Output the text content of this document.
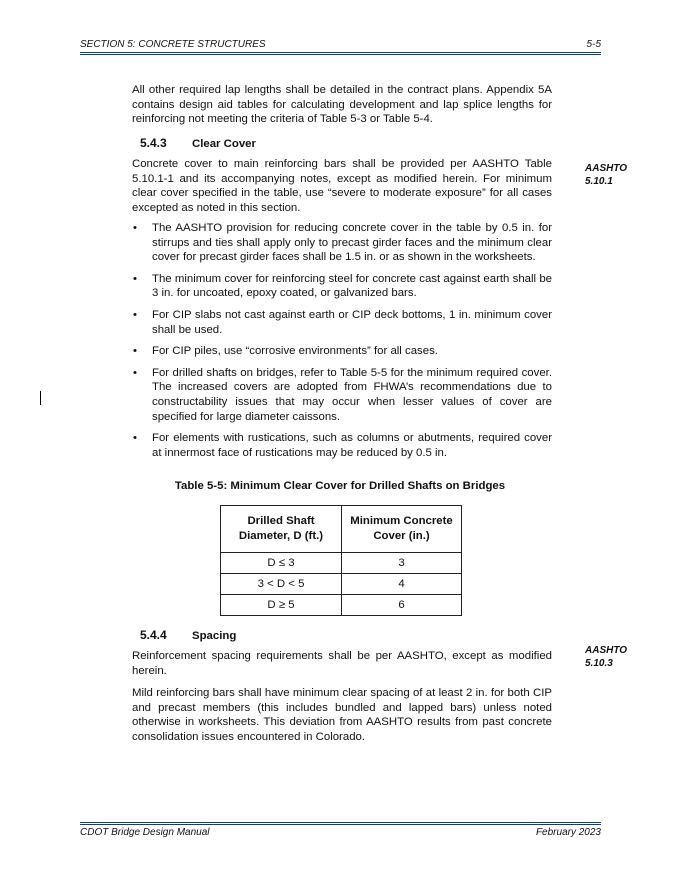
SECTION 5: CONCRETE STRUCTURES	5-5

All other required lap lengths shall be detailed in the contract plans. Appendix 5A contains design aid tables for calculating development and lap splice lengths for reinforcing not meeting the criteria of Table 5-3 or Table 5-4.

5.4.3 Clear Cover

Concrete cover to main reinforcing bars shall be provided per AASHTO Table 5.10.1-1 and its accompanying notes, except as modified herein. For minimum clear cover specified in the table, use “severe to moderate exposure” for all cases excepted as noted in this section.

AASHTO
5.10.1
• The AASHTO provision for reducing concrete cover in the table by 0.5 in. for stirrups and ties shall apply only to precast girder faces and the minimum clear cover for precast girder faces shall be 1.5 in. or as shown in the worksheets.
• The minimum cover for reinforcing steel for concrete cast against earth shall be 3 in. for uncoated, epoxy coated, or galvanized bars.
• For CIP slabs not cast against earth or CIP deck bottoms, 1 in. minimum cover shall be used.
• For CIP piles, use “corrosive environments” for all cases.
• For drilled shafts on bridges, refer to Table 5-5 for the minimum required cover. The increased covers are adopted from FHWA’s recommendations due to constructability issues that may occur when lesser values of cover are specified for large diameter caissons.
• For elements with rustications, such as columns or abutments, required cover at innermost face of rustications may be reduced by 0.5 in.
Table 5-5: Minimum Clear Cover for Drilled Shafts on Bridges
Drilled Shaft Diameter, D (ft.)	Minimum Concrete Cover (in.)
D ≤ 3	3
3 < D < 5	4
D ≥ 5	6
5.4.4 Spacing

Reinforcement spacing requirements shall be per AASHTO, except as modified herein.

Mild reinforcing bars shall have minimum clear spacing of at least 2 in. for both CIP and precast members (this includes bundled and lapped bars) unless noted otherwise in worksheets. This deviation from AASHTO results from past concrete consolidation issues encountered in Colorado.

AASHTO
5.10.3
CDOT Bridge Design Manual	February 2023
